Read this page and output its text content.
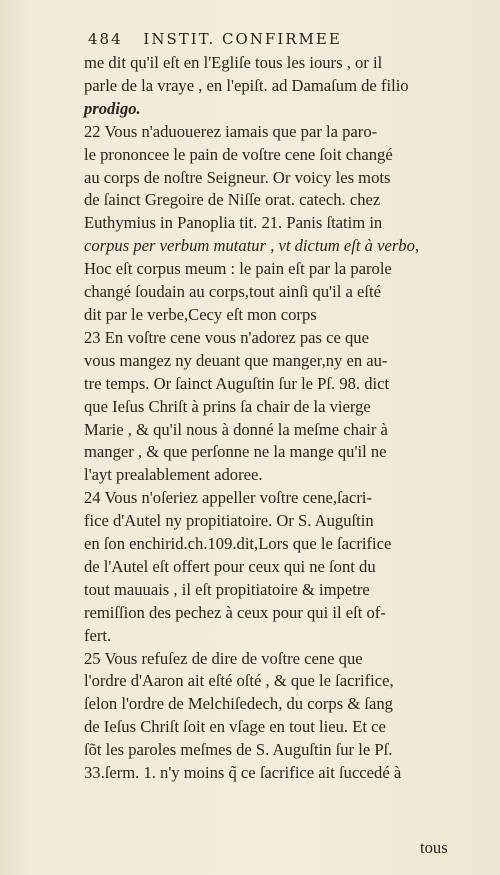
484 INSTIT. CONFIRMEE
me dit qu'il eſt en l'Egliſe tous les iours , or il
parle de la vraye , en l'epiſt. ad Damaſum de filio
prodigo.
22 Vous n'aduouerez iamais que par la paro-
le prononcee le pain de voſtre cene ſoit changé
au corps de noſtre Seigneur. Or voicy les mots
de ſainct Gregoire de Niſſe orat. catech. chez
Euthymius in Panoplia tit. 21. Panis ſtatim in
corpus per verbum mutatur , vt dictum eſt à verbo,
Hoc eſt corpus meum : le pain eſt par la parole
changé ſoudain au corps,tout ainſi qu'il a eſté
dit par le verbe,Cecy eſt mon corps
23 En voſtre cene vous n'adorez pas ce que
vous mangez ny deuant que manger,ny en au-
tre temps. Or ſainct Auguſtin ſur le Pſ. 98. dict
que Ieſus Chriſt à prins ſa chair de la vierge
Marie , & qu'il nous à donné la meſme chair à
manger , & que perſonne ne la mange qu'il ne
l'ayt prealablement adoree.
24 Vous n'oſeriez appeller voſtre cene,ſacri-
fice d'Autel ny propitiatoire. Or S. Auguſtin
en ſon enchirid.ch.109.dit,Lors que le ſacrifice
de l'Autel eſt offert pour ceux qui ne ſont du
tout mauuais , il eſt propitiatoire & impetre
remiſſion des pechez à ceux pour qui il eſt of-
fert.
25 Vous refuſez de dire de voſtre cene que
l'ordre d'Aaron ait eſté oſté , & que le ſacrifice,
ſelon l'ordre de Melchiſedech, du corps & ſang
de Ieſus Chriſt ſoit en vſage en tout lieu. Et ce
ſõt les paroles meſmes de S. Auguſtin ſur le Pſ.
33.ſerm. 1. n'y moins q̃ ce ſacrifice ait ſuccedé à
tous
